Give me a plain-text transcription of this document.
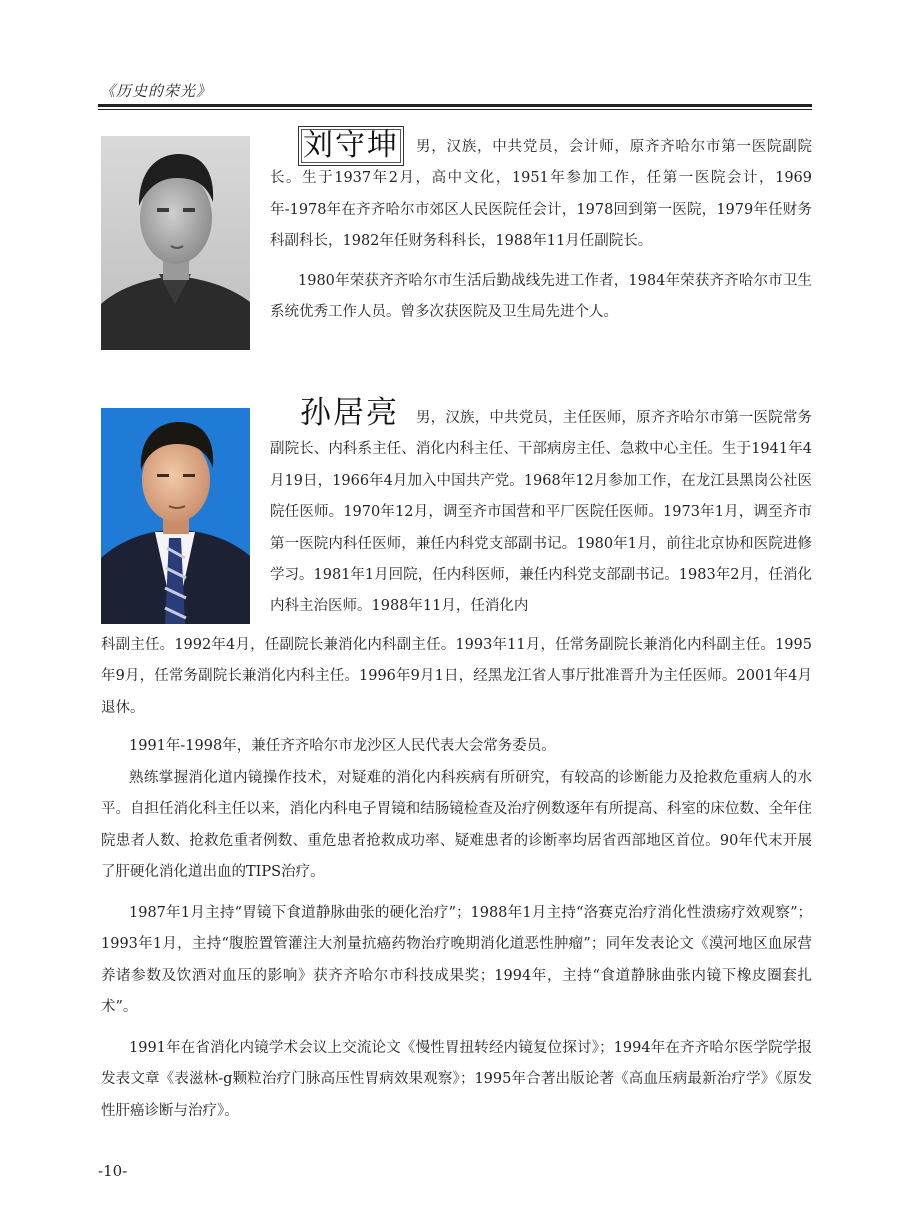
《历史的荣光》
刘守坤	男，汉族，中共党员，会计师，原齐齐哈尔市第一医院副院长。生于1937年2月，高中文化，1951年参加工作，任第一医院会计，1969年-1978年在齐齐哈尔市郊区人民医院任会计，1978回到第一医院，1979年任财务科副科长，1982年任财务科科长，1988年11月任副院长。

1980年荣获齐齐哈尔市生活后勤战线先进工作者，1984年荣获齐齐哈尔市卫生系统优秀工作人员。曾多次获医院及卫生局先进个人。

孙居亮	男，汉族，中共党员，主任医师，原齐齐哈尔市第一医院常务副院长、内科系主任、消化内科主任、干部病房主任、急救中心主任。生于1941年4月19日，1966年4月加入中国共产党。1968年12月参加工作，在龙江县黑岗公社医院任医师。1970年12月，调至齐市国营和平厂医院任医师。1973年1月，调至齐市第一医院内科任医师，兼任内科党支部副书记。1980年1月，前往北京协和医院进修学习。1981年1月回院，任内科医师，兼任内科党支部副书记。1983年2月，任消化内科主治医师。1988年11月，任消化内

科副主任。1992年4月，任副院长兼消化内科副主任。1993年11月，任常务副院长兼消化内科副主任。1995年9月，任常务副院长兼消化内科主任。1996年9月1日，经黑龙江省人事厅批准晋升为主任医师。2001年4月退休。

1991年-1998年，兼任齐齐哈尔市龙沙区人民代表大会常务委员。

熟练掌握消化道内镜操作技术，对疑难的消化内科疾病有所研究，有较高的诊断能力及抢救危重病人的水平。自担任消化科主任以来，消化内科电子胃镜和结肠镜检查及治疗例数逐年有所提高、科室的床位数、全年住院患者人数、抢救危重者例数、重危患者抢救成功率、疑难患者的诊断率均居省西部地区首位。90年代末开展了肝硬化消化道出血的TIPS治疗。

1987年1月主持“胃镜下食道静脉曲张的硬化治疗”；1988年1月主持“洛赛克治疗消化性溃疡疗效观察”；1993年1月，主持“腹腔置管灌注大剂量抗癌药物治疗晚期消化道恶性肿瘤”；同年发表论文《漠河地区血尿营养诸参数及饮酒对血压的影响》获齐齐哈尔市科技成果奖；1994年，主持“食道静脉曲张内镜下橡皮圈套扎术”。

1991年在省消化内镜学术会议上交流论文《慢性胃扭转经内镜复位探讨》；1994年在齐齐哈尔医学院学报发表文章《表滋林-g颗粒治疗门脉高压性胃病效果观察》；1995年合著出版论著《高血压病最新治疗学》《原发性肝癌诊断与治疗》。

-10-
